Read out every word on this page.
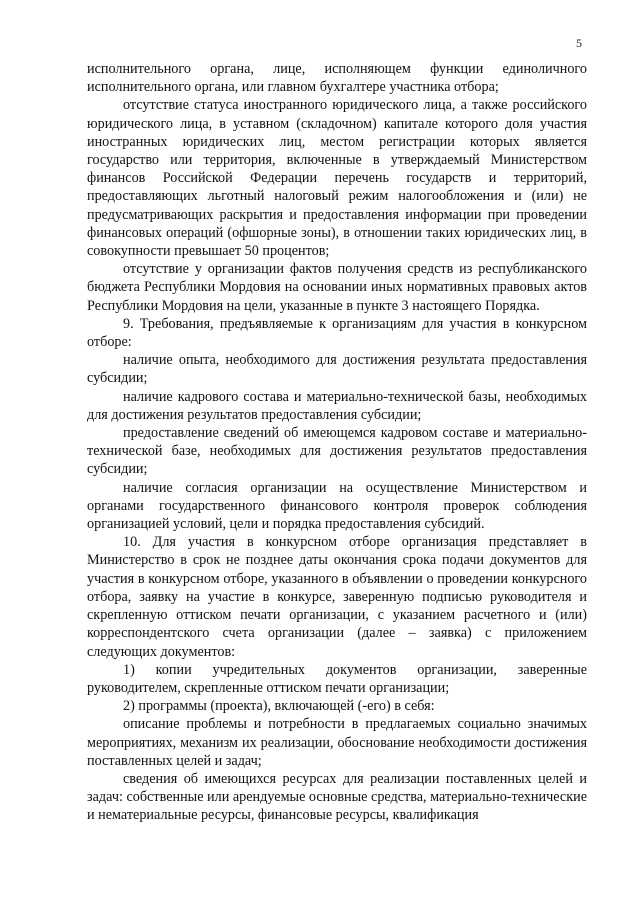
5

исполнительного органа, лице, исполняющем функции единоличного исполнительного органа, или главном бухгалтере участника отбора;

отсутствие статуса иностранного юридического лица, а также российского юридического лица, в уставном (складочном) капитале которого доля участия иностранных юридических лиц, местом регистрации которых является государство или территория, включенные в утверждаемый Министерством финансов Российской Федерации перечень государств и территорий, предоставляющих льготный налоговый режим налогообложения и (или) не предусматривающих раскрытия и предоставления информации при проведении финансовых операций (офшорные зоны), в отношении таких юридических лиц, в совокупности превышает 50 процентов;

отсутствие у организации фактов получения средств из республиканского бюджета Республики Мордовия на основании иных нормативных правовых актов Республики Мордовия на цели, указанные в пункте 3 настоящего Порядка.

9. Требования, предъявляемые к организациям для участия в конкурсном отборе:

наличие опыта, необходимого для достижения результата предоставления субсидии;

наличие кадрового состава и материально-технической базы, необходимых для достижения результатов предоставления субсидии;

предоставление сведений об имеющемся кадровом составе и материально-технической базе, необходимых для достижения результатов предоставления субсидии;

наличие согласия организации на осуществление Министерством и органами государственного финансового контроля проверок соблюдения организацией условий, цели и порядка предоставления субсидий.

10. Для участия в конкурсном отборе организация представляет в Министерство в срок не позднее даты окончания срока подачи документов для участия в конкурсном отборе, указанного в объявлении о проведении конкурсного отбора, заявку на участие в конкурсе, заверенную подписью руководителя и скрепленную оттиском печати организации, с указанием расчетного и (или) корреспондентского счета организации (далее – заявка) с приложением следующих документов:

1) копии учредительных документов организации, заверенные руководителем, скрепленные оттиском печати организации;

2) программы (проекта), включающей (-его) в себя:

описание проблемы и потребности в предлагаемых социально значимых мероприятиях, механизм их реализации, обоснование необходимости достижения поставленных целей и задач;

сведения об имеющихся ресурсах для реализации поставленных целей и задач: собственные или арендуемые основные средства, материально-технические и нематериальные ресурсы, финансовые ресурсы, квалификация
